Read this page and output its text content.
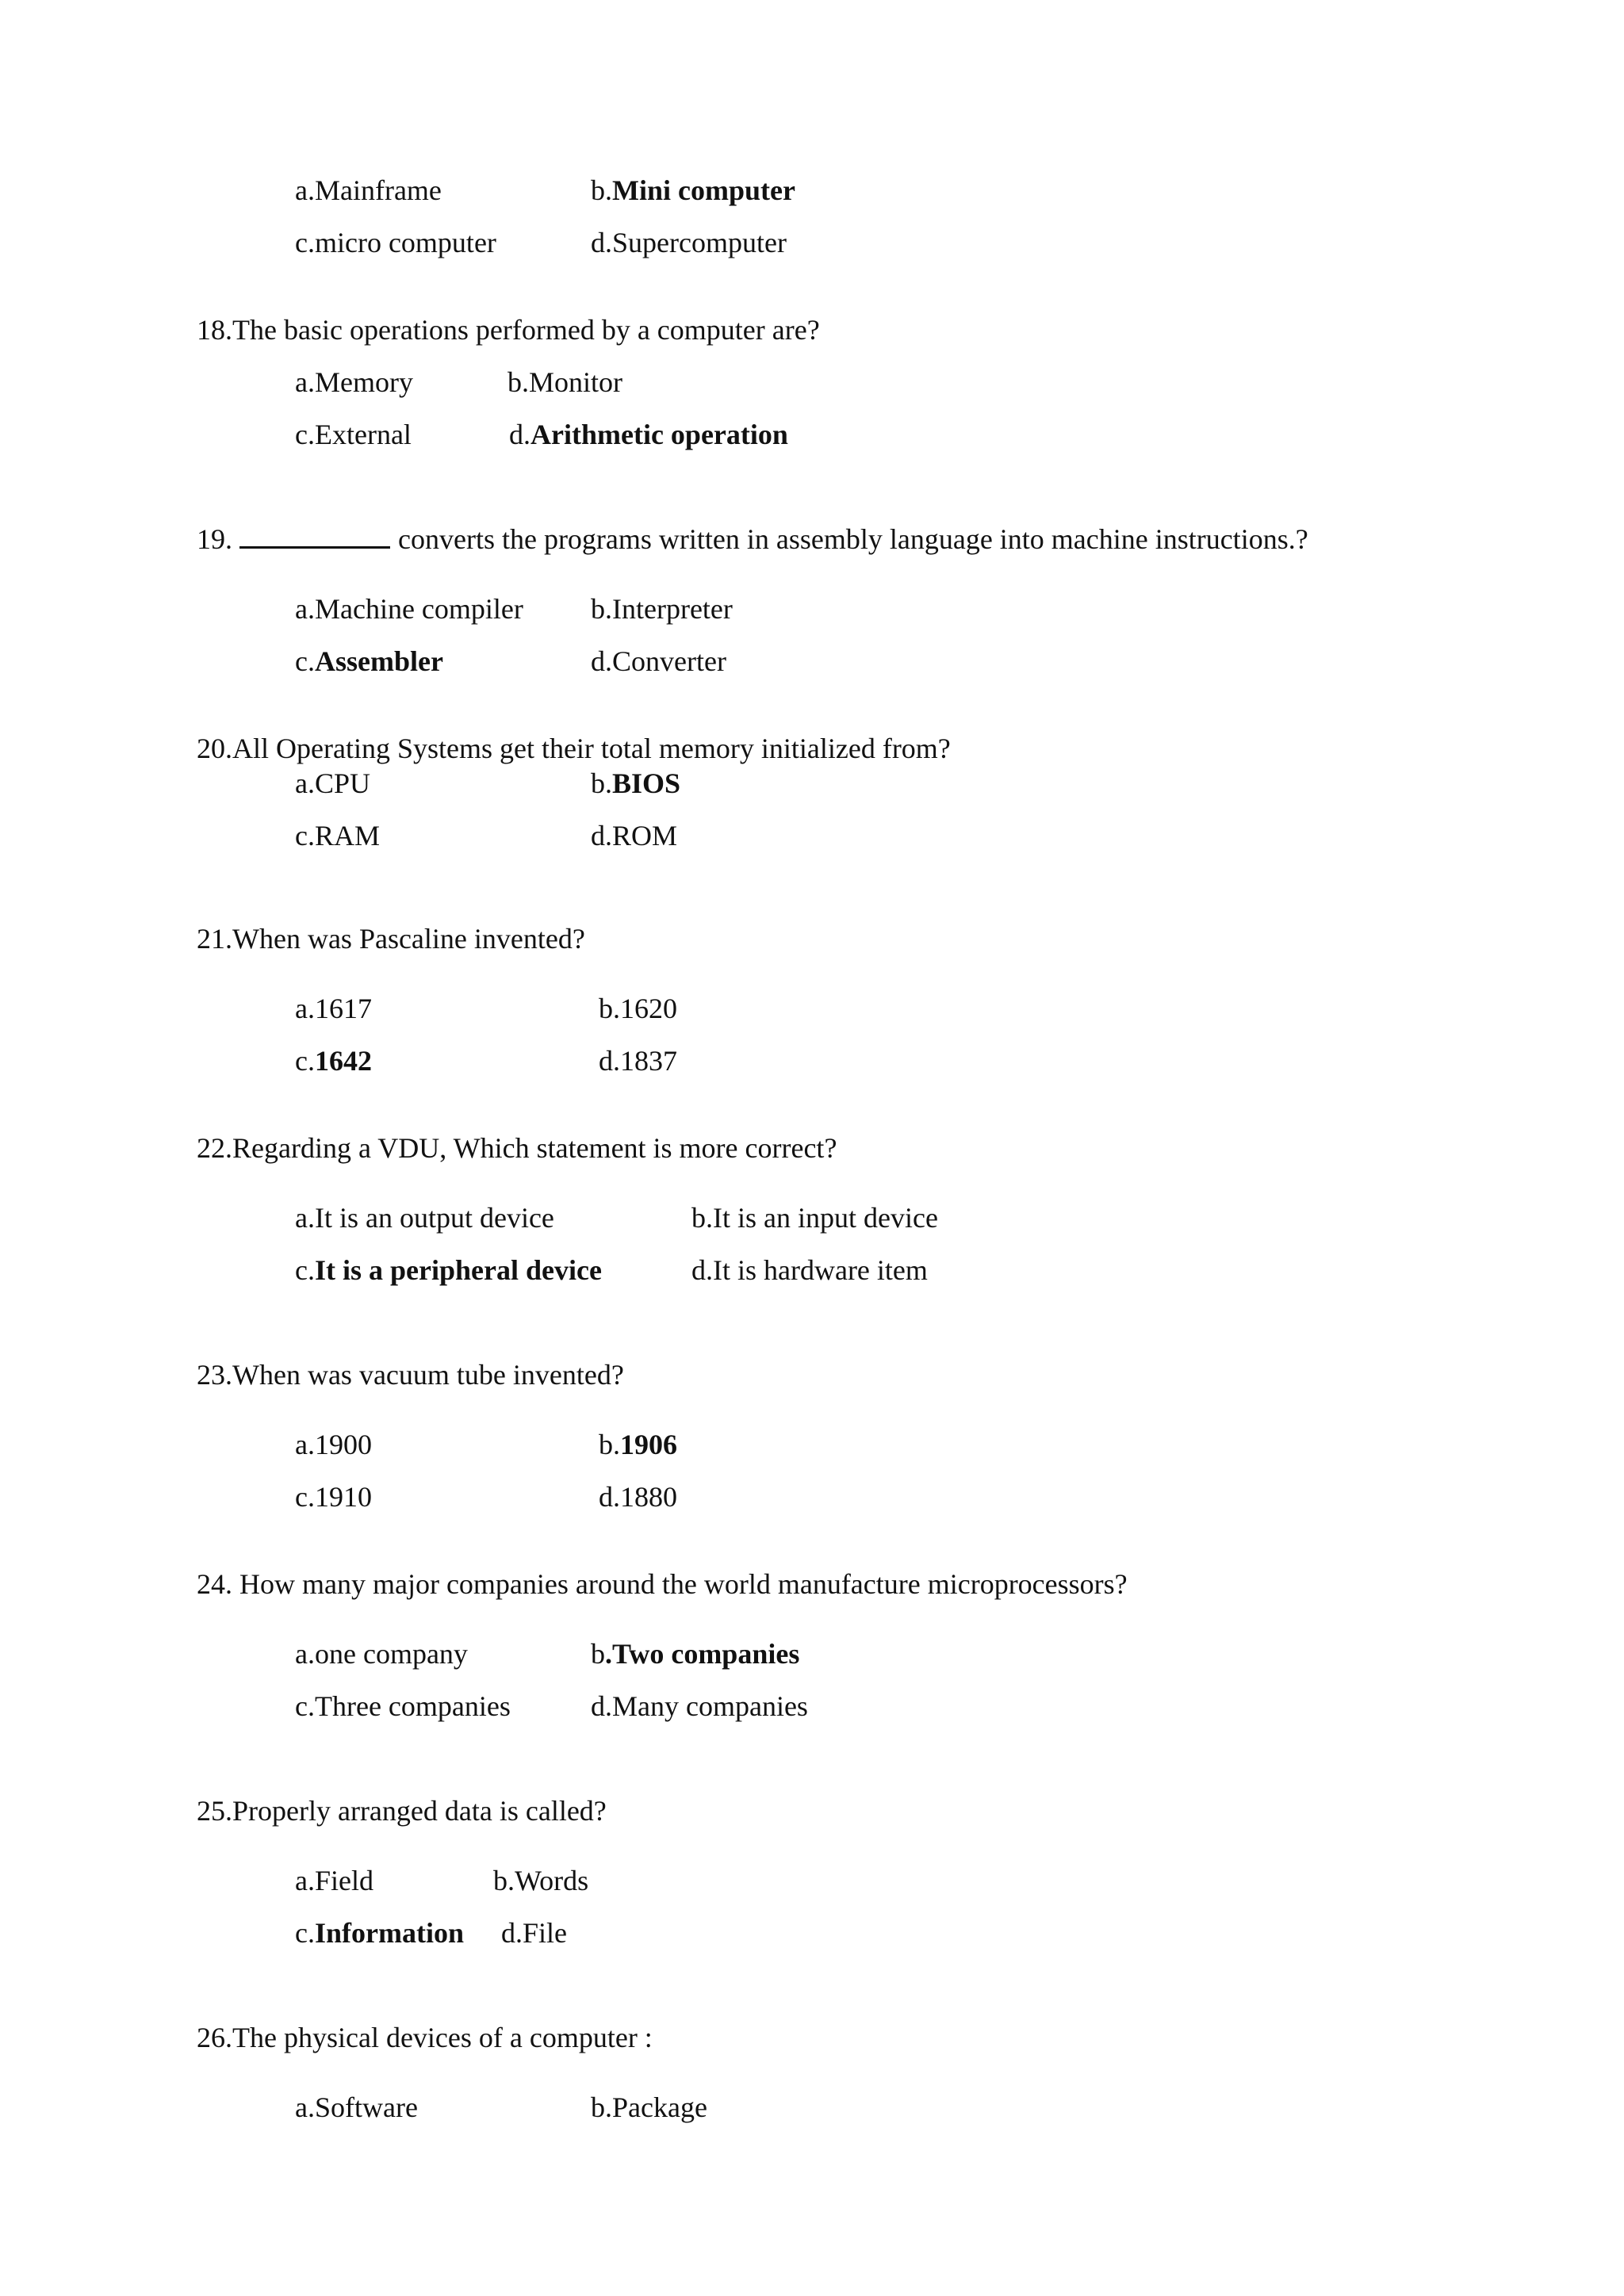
a.Mainframe	b.Mini computer
c.micro computer	d.Supercomputer
18.The basic operations performed by a computer are?
a.Memory	b.Monitor
c.External	d.Arithmetic operation
19.	converts the programs written in assembly language into machine instructions.?
a.Machine compiler b.Interpreter
c.Assembler	d.Converter
20.All Operating Systems get their total memory initialized from?
a.CPU	b.BIOS
c.RAM	d.ROM
21.When was Pascaline invented?
a.1617	b.1620
c.1642	d.1837
22.Regarding a VDU, Which statement is more correct?
a.It is an output device	b.It is an input device
c.It is a peripheral device	d.It is hardware item
23.When was vacuum tube invented?
a.1900	b.1906
c.1910	d.1880
24. How many major companies around the world manufacture microprocessors?
a.one company	b.Two companies
c.Three companies	d.Many companies
25.Properly arranged data is called?
a.Field	b.Words
c.Information d.File
26.The physical devices of a computer :
a.Software	b.Package
